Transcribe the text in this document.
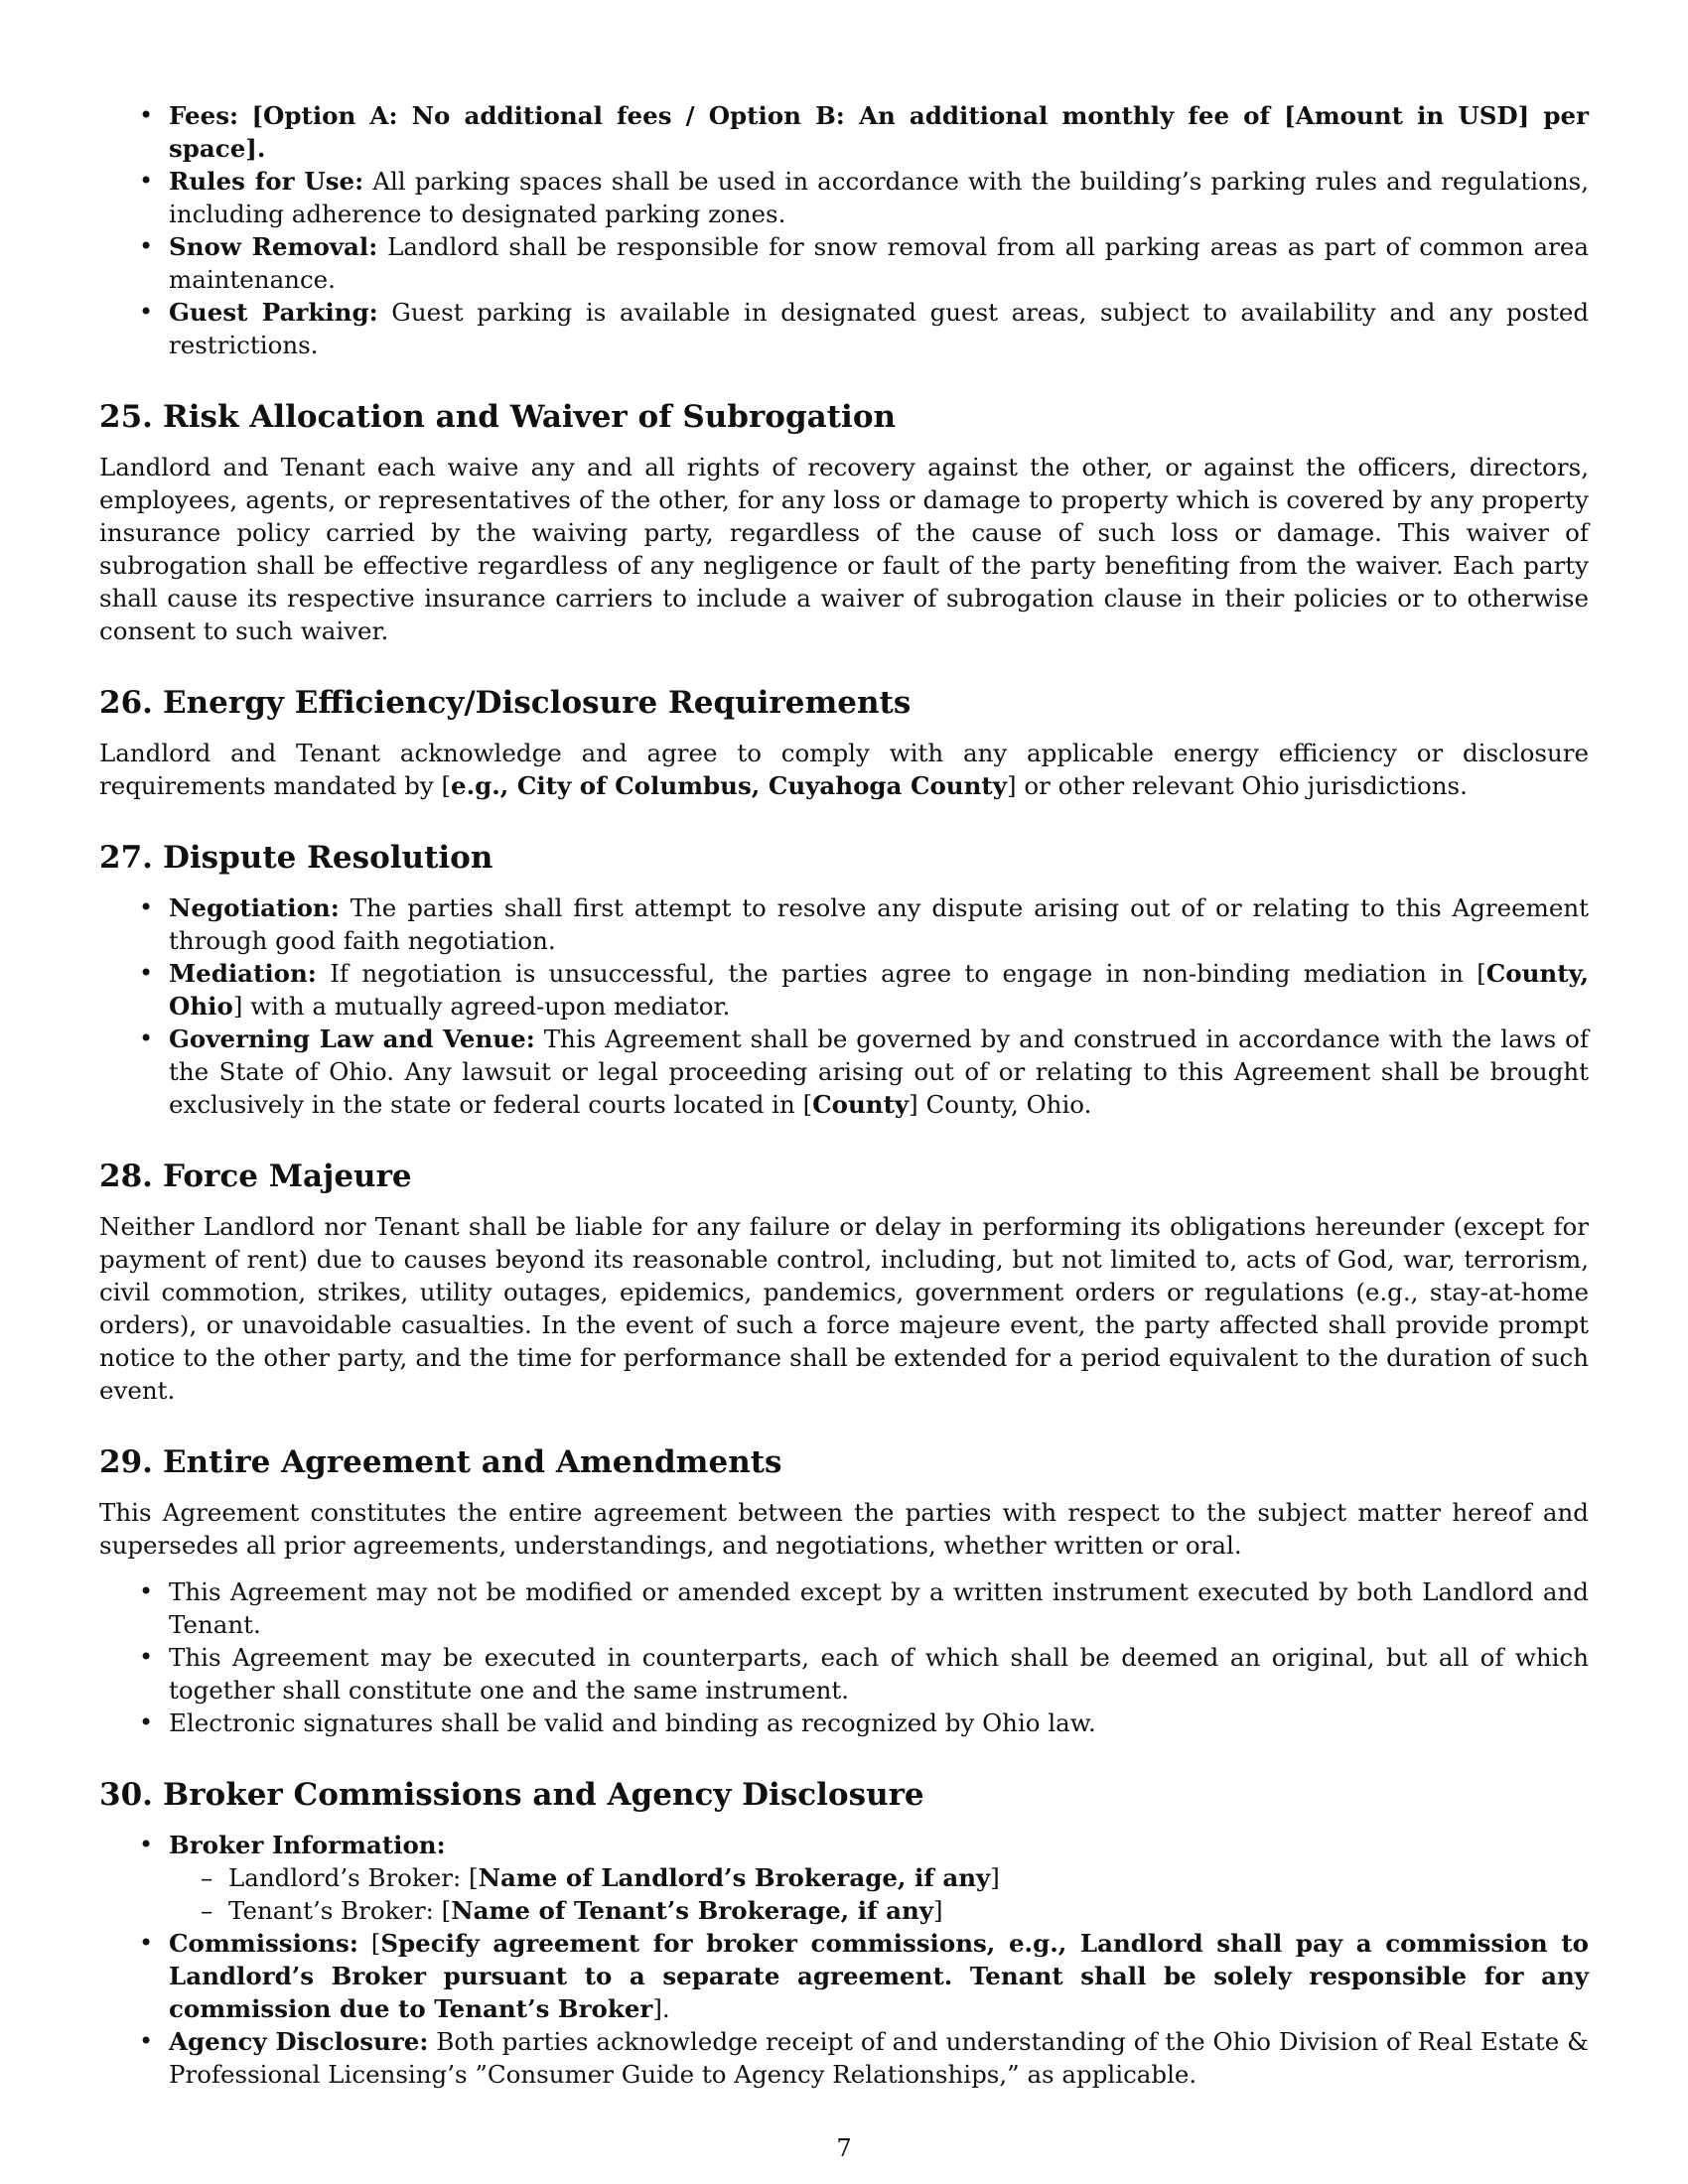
• Fees: [Option A: No additional fees / Option B: An additional monthly fee of [Amount in USD] per space].
• Rules for Use: All parking spaces shall be used in accordance with the building’s parking rules and regulations, including adherence to designated parking zones.
• Snow Removal: Landlord shall be responsible for snow removal from all parking areas as part of common area maintenance.
• Guest Parking: Guest parking is available in designated guest areas, subject to availability and any posted restrictions.
25. Risk Allocation and Waiver of Subrogation

Landlord and Tenant each waive any and all rights of recovery against the other, or against the officers, directors, employees, agents, or representatives of the other, for any loss or damage to property which is covered by any property insurance policy carried by the waiving party, regardless of the cause of such loss or damage. This waiver of subrogation shall be effective regardless of any negligence or fault of the party benefiting from the waiver. Each party shall cause its respective insurance carriers to include a waiver of subrogation clause in their policies or to otherwise consent to such waiver.

26. Energy Efficiency/Disclosure Requirements

Landlord and Tenant acknowledge and agree to comply with any applicable energy efficiency or disclosure requirements mandated by [e.g., City of Columbus, Cuyahoga County] or other relevant Ohio jurisdictions.

27. Dispute Resolution
• Negotiation: The parties shall first attempt to resolve any dispute arising out of or relating to this Agreement through good faith negotiation.
• Mediation: If negotiation is unsuccessful, the parties agree to engage in non-binding mediation in [County, Ohio] with a mutually agreed-upon mediator.
• Governing Law and Venue: This Agreement shall be governed by and construed in accordance with the laws of the State of Ohio. Any lawsuit or legal proceeding arising out of or relating to this Agreement shall be brought exclusively in the state or federal courts located in [County] County, Ohio.
28. Force Majeure

Neither Landlord nor Tenant shall be liable for any failure or delay in performing its obligations hereunder (except for payment of rent) due to causes beyond its reasonable control, including, but not limited to, acts of God, war, terrorism, civil commotion, strikes, utility outages, epidemics, pandemics, government orders or regulations (e.g., stay-at-home orders), or unavoidable casualties. In the event of such a force majeure event, the party affected shall provide prompt notice to the other party, and the time for performance shall be extended for a period equivalent to the duration of such event.

29. Entire Agreement and Amendments

This Agreement constitutes the entire agreement between the parties with respect to the subject matter hereof and supersedes all prior agreements, understandings, and negotiations, whether written or oral.

• This Agreement may not be modified or amended except by a written instrument executed by both Landlord and Tenant.
• This Agreement may be executed in counterparts, each of which shall be deemed an original, but all of which together shall constitute one and the same instrument.
• Electronic signatures shall be valid and binding as recognized by Ohio law.
30. Broker Commissions and Agency Disclosure
• Broker Information:
– Landlord’s Broker: [Name of Landlord’s Brokerage, if any]
– Tenant’s Broker: [Name of Tenant’s Brokerage, if any]
• Commissions: [Specify agreement for broker commissions, e.g., Landlord shall pay a commission to Landlord’s Broker pursuant to a separate agreement. Tenant shall be solely responsible for any commission due to Tenant’s Broker].
• Agency Disclosure: Both parties acknowledge receipt of and understanding of the Ohio Division of Real Estate & Professional Licensing’s ”Consumer Guide to Agency Relationships,” as applicable.
7
